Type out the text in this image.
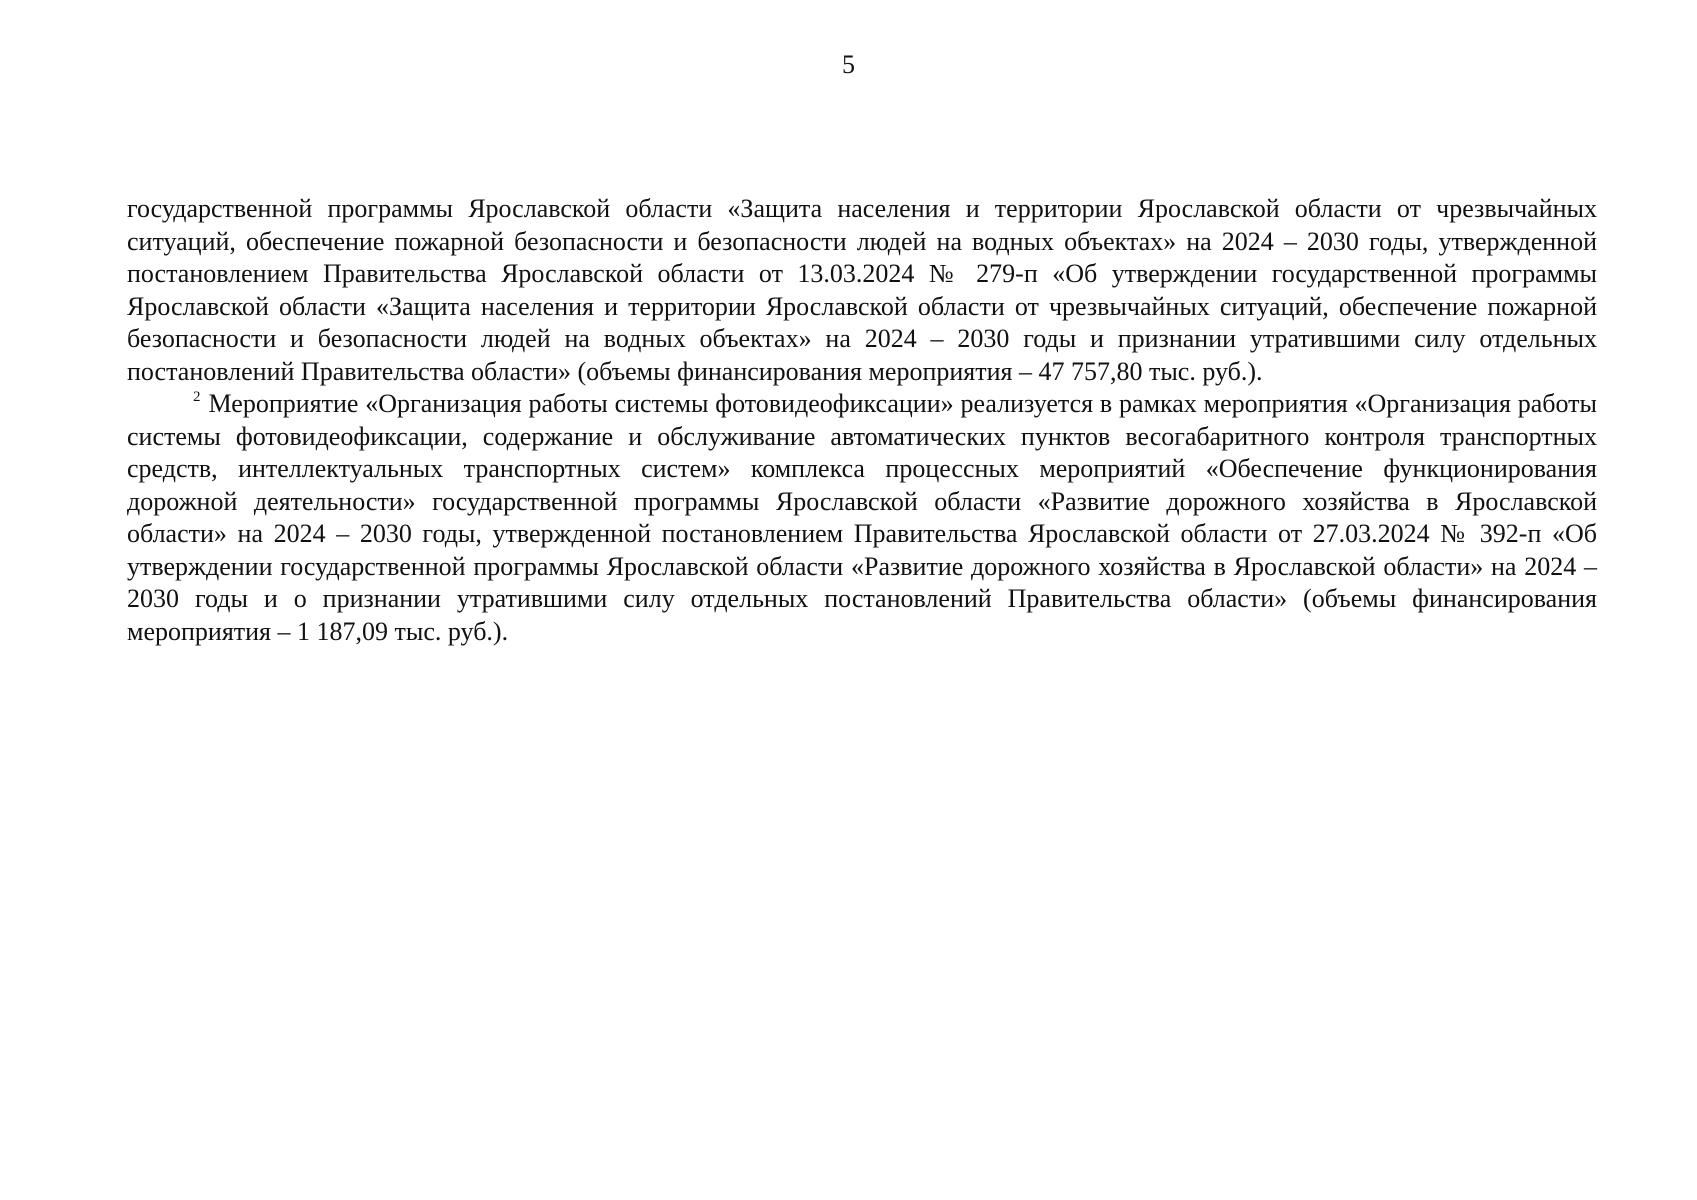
5

государственной программы Ярославской области «Защита населения и территории Ярославской области от чрезвычайных ситуаций, обеспечение пожарной безопасности и безопасности людей на водных объектах» на 2024 – 2030 годы, утвержденной постановлением Правительства Ярославской области от 13.03.2024 № 279-п «Об утверждении государственной программы Ярославской области «Защита населения и территории Ярославской области от чрезвычайных ситуаций, обеспечение пожарной безопасности и безопасности людей на водных объектах» на 2024 – 2030 годы и признании утратившими силу отдельных постановлений Правительства области» (объемы финансирования мероприятия – 47 757,80 тыс. руб.).

$^2$ Мероприятие «Организация работы системы фотовидеофиксации» реализуется в рамках мероприятия «Организация работы системы фотовидеофиксации, содержание и обслуживание автоматических пунктов весогабаритного контроля транспортных средств, интеллектуальных транспортных систем» комплекса процессных мероприятий «Обеспечение функционирования дорожной деятельности» государственной программы Ярославской области «Развитие дорожного хозяйства в Ярославской области» на 2024 – 2030 годы, утвержденной постановлением Правительства Ярославской области от 27.03.2024 № 392-п «Об утверждении государственной программы Ярославской области «Развитие дорожного хозяйства в Ярославской области» на 2024 – 2030 годы и о признании утратившими силу отдельных постановлений Правительства области» (объемы финансирования мероприятия – 1 187,09 тыс. руб.).
